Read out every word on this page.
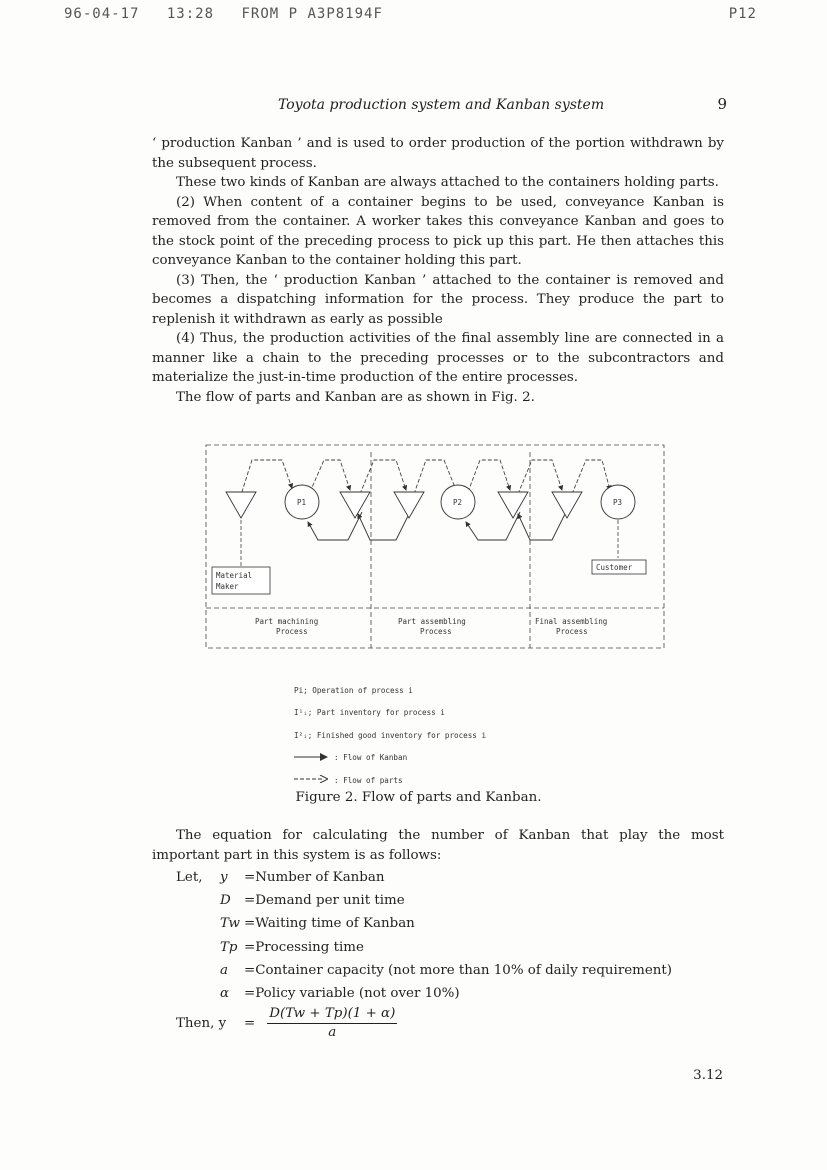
96-04-17 13:28 FROM P A3P8194F	P12
Toyota production system and Kanban system	9

‘ production Kanban ’ and is used to order production of the portion withdrawn by the subsequent process.

These two kinds of Kanban are always attached to the containers holding parts.

(2) When content of a container begins to be used, conveyance Kanban is removed from the container. A worker takes this conveyance Kanban and goes to the stock point of the preceding process to pick up this part. He then attaches this conveyance Kanban to the container holding this part.

(3) Then, the ‘ production Kanban ’ attached to the container is removed and becomes a dispatching information for the process. They produce the part to replenish it withdrawn as early as possible

(4) Thus, the production activities of the final assembly line are connected in a manner like a chain to the preceding processes or to the subcontractors and materialize the just-in-time production of the entire processes.

The flow of parts and Kanban are as shown in Fig. 2.

P1	P2	P3
Material
Maker
Customer
Part machining
Process
Part assembling
Process
Final assembling
Process
Pi; Operation of process i
I¹ᵢ; Part inventory for process i
I²ᵢ; Finished good inventory for process i
: Flow of Kanban
: Flow of parts
Figure 2. Flow of parts and Kanban.
The equation for calculating the number of Kanban that play the most important part in this system is as follows:
Let,	y	=Number of Kanban
D =Demand per unit time
Tw =Waiting time of Kanban
Tp =Processing time
a	=Container capacity (not more than 10% of daily requirement)
α	=Policy variable (not over 10%)
Then, y	= $\frac{D(Tw + Tp)(1 + \alpha)}{a}$
3.12
